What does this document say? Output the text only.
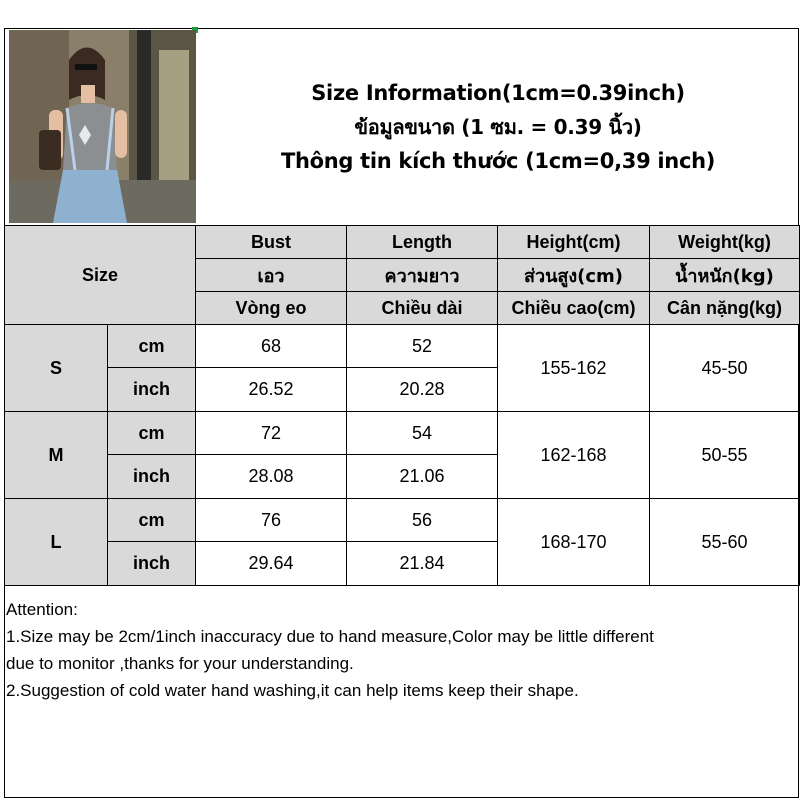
Size Information(1cm=0.39inch)
ข้อมูลขนาด (1 ซม. = 0.39 นิ้ว)
Thông tin kích thước (1cm=0,39 inch)
Size		Bust	Length	Height(cm)	Weight(kg)
		เอว	ความยาว	ส่วนสูง(cm)	น้ำหนัก(kg)
		Vòng eo	Chiều dài	Chiều cao(cm)	Cân nặng(kg)
S	cm	68	52	155-162	45-50
	inch	26.52	20.28		
M	cm	72	54	162-168	50-55
	inch	28.08	21.06		
L	cm	76	56	168-170	55-60
	inch	29.64	21.84		
Attention:
1.Size may be 2cm/1inch inaccuracy due to hand measure,Color may be little different
due to monitor ,thanks for your understanding.
2.Suggestion of cold water hand washing,it can help items keep their shape.
